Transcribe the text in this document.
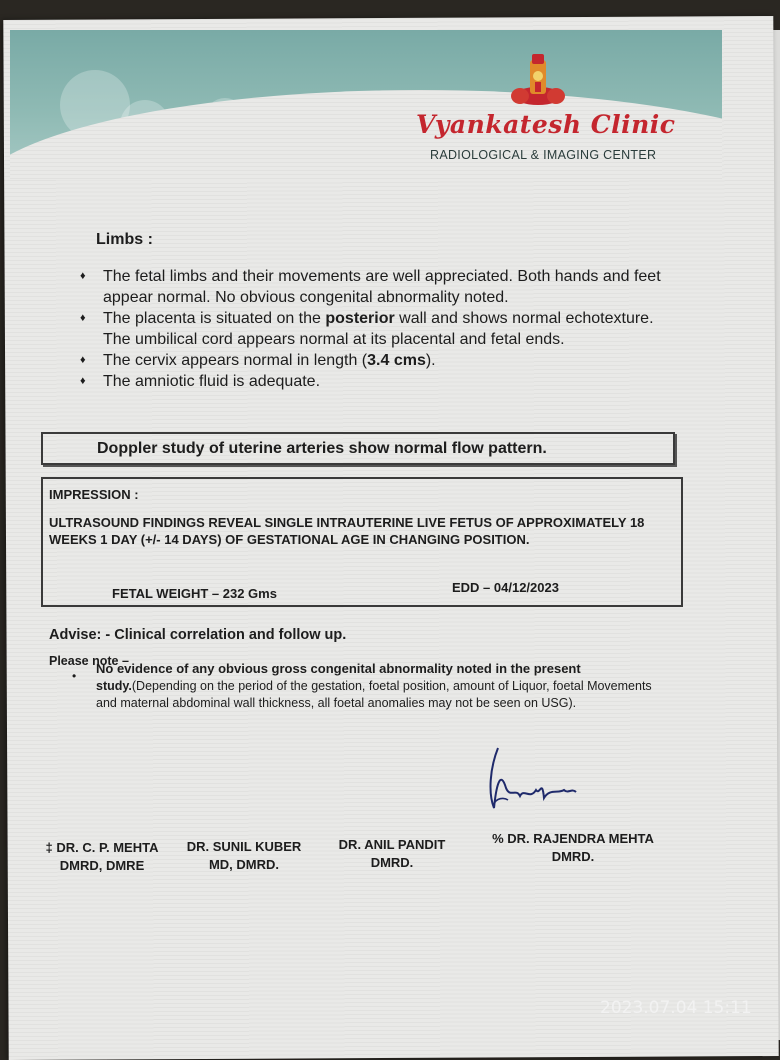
Vyankatesh Clinic
RADIOLOGICAL & IMAGING CENTER
Limbs :
♦ The fetal limbs and their movements are well appreciated. Both hands and feet appear normal. No obvious congenital abnormality noted.
♦ The placenta is situated on the posterior wall and shows normal echotexture. The umbilical cord appears normal at its placental and fetal ends.
♦ The cervix appears normal in length (3.4 cms).
♦ The amniotic fluid is adequate.
Doppler study of uterine arteries show normal flow pattern.
IMPRESSION :
ULTRASOUND FINDINGS REVEAL SINGLE INTRAUTERINE LIVE FETUS OF APPROXIMATELY 18 WEEKS 1 DAY (+/- 14 DAYS) OF GESTATIONAL AGE IN CHANGING POSITION.
FETAL WEIGHT – 232 Gms	EDD – 04/12/2023
Advise: - Clinical correlation and follow up.
Please note –
• No evidence of any obvious gross congenital abnormality noted in the present
study.(Depending on the period of the gestation, foetal position, amount of Liquor, foetal Movements
and maternal abdominal wall thickness, all foetal anomalies may not be seen on USG).
‡ DR. C. P. MEHTA
DMRD, DMRE
DR. SUNIL KUBER
MD, DMRD.
DR. ANIL PANDIT
DMRD.
% DR. RAJENDRA MEHTA
DMRD.
2023.07.04 15:11
